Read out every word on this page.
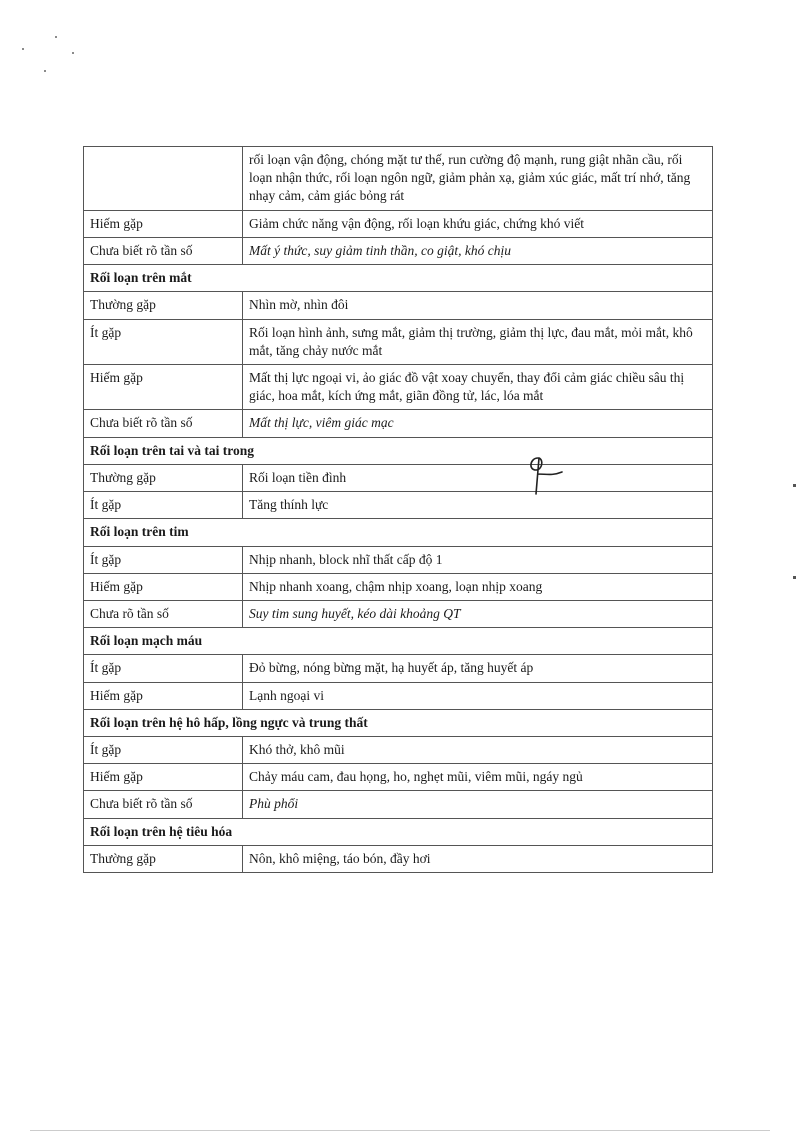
	rối loạn vận động, chóng mặt tư thế, run cường độ mạnh, rung giật nhãn cầu, rối loạn nhận thức, rối loạn ngôn ngữ, giảm phản xạ, giảm xúc giác, mất trí nhớ, tăng nhạy cảm, cảm giác bỏng rát
Hiếm gặp	Giảm chức năng vận động, rối loạn khứu giác, chứng khó viết
Chưa biết rõ tần số	Mất ý thức, suy giảm tinh thần, co giật, khó chịu
Rối loạn trên mắt	
Thường gặp	Nhìn mờ, nhìn đôi
Ít gặp	Rối loạn hình ảnh, sưng mắt, giảm thị trường, giảm thị lực, đau mắt, mỏi mắt, khô mắt, tăng chảy nước mắt
Hiếm gặp	Mất thị lực ngoại vi, ảo giác đồ vật xoay chuyển, thay đổi cảm giác chiều sâu thị giác, hoa mắt, kích ứng mắt, giãn đồng tử, lác, lóa mắt
Chưa biết rõ tần số	Mất thị lực, viêm giác mạc
Rối loạn trên tai và tai trong	
Thường gặp	Rối loạn tiền đình
Ít gặp	Tăng thính lực
Rối loạn trên tim	
Ít gặp	Nhịp nhanh, block nhĩ thất cấp độ 1
Hiếm gặp	Nhịp nhanh xoang, chậm nhịp xoang, loạn nhịp xoang
Chưa rõ tần số	Suy tim sung huyết, kéo dài khoảng QT
Rối loạn mạch máu	
Ít gặp	Đỏ bừng, nóng bừng mặt, hạ huyết áp, tăng huyết áp
Hiếm gặp	Lạnh ngoại vi
Rối loạn trên hệ hô hấp, lồng ngực và trung thất	
Ít gặp	Khó thở, khô mũi
Hiếm gặp	Chảy máu cam, đau họng, ho, nghẹt mũi, viêm mũi, ngáy ngủ
Chưa biết rõ tần số	Phù phổi
Rối loạn trên hệ tiêu hóa	
Thường gặp	Nôn, khô miệng, táo bón, đầy hơi
